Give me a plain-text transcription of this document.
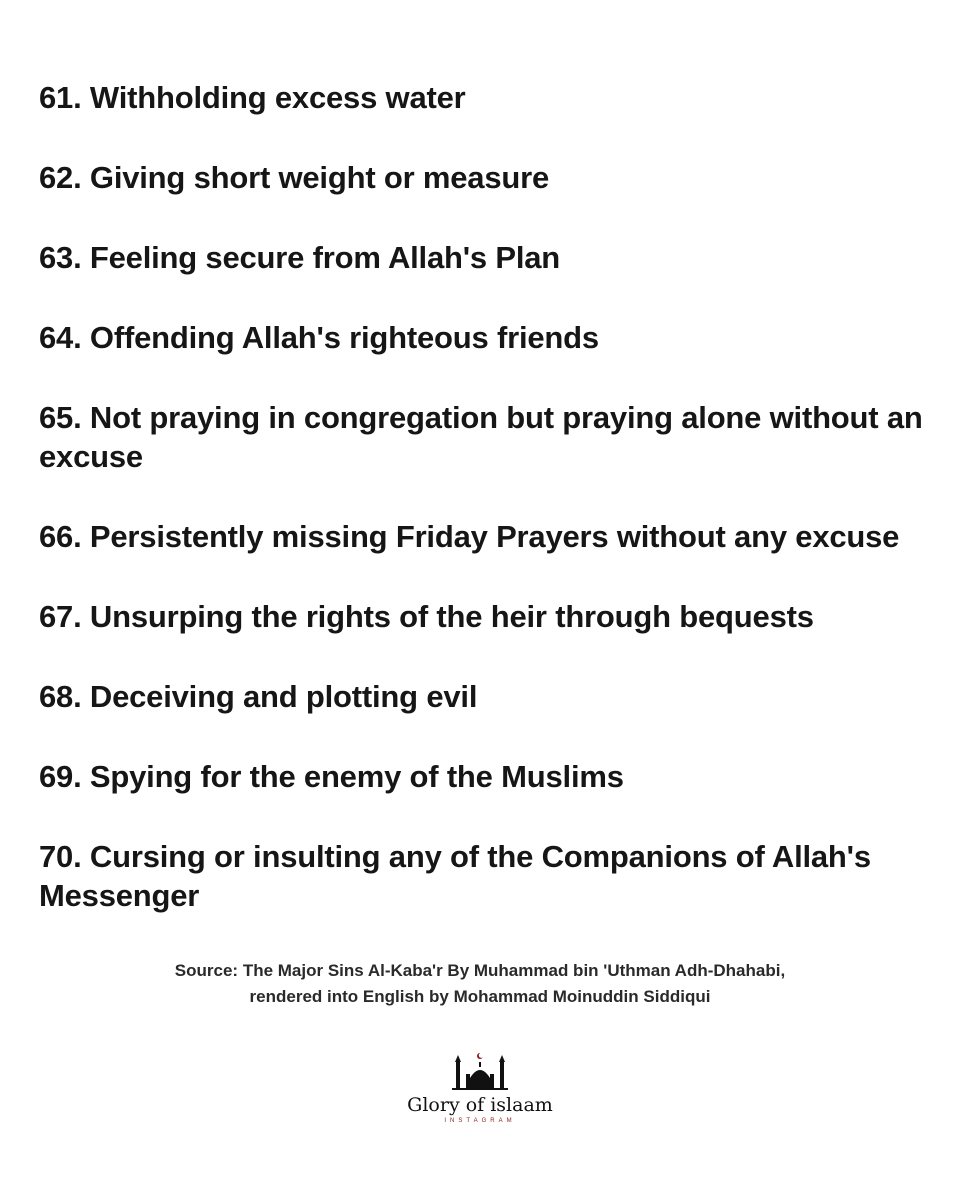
61. Withholding excess water
62. Giving short weight or measure
63. Feeling secure from Allah's Plan
64. Offending Allah's righteous friends
65. Not praying in congregation but praying alone without an excuse
66. Persistently missing Friday Prayers without any excuse
67. Unsurping the rights of the heir through bequests
68. Deceiving and plotting evil
69. Spying for the enemy of the Muslims
70. Cursing or insulting any of the Companions of Allah's Messenger
Source: The Major Sins Al-Kaba'r By Muhammad bin 'Uthman Adh-Dhahabi,
rendered into English by Mohammad Moinuddin Siddiqui
Glory of islaam
INSTAGRAM
